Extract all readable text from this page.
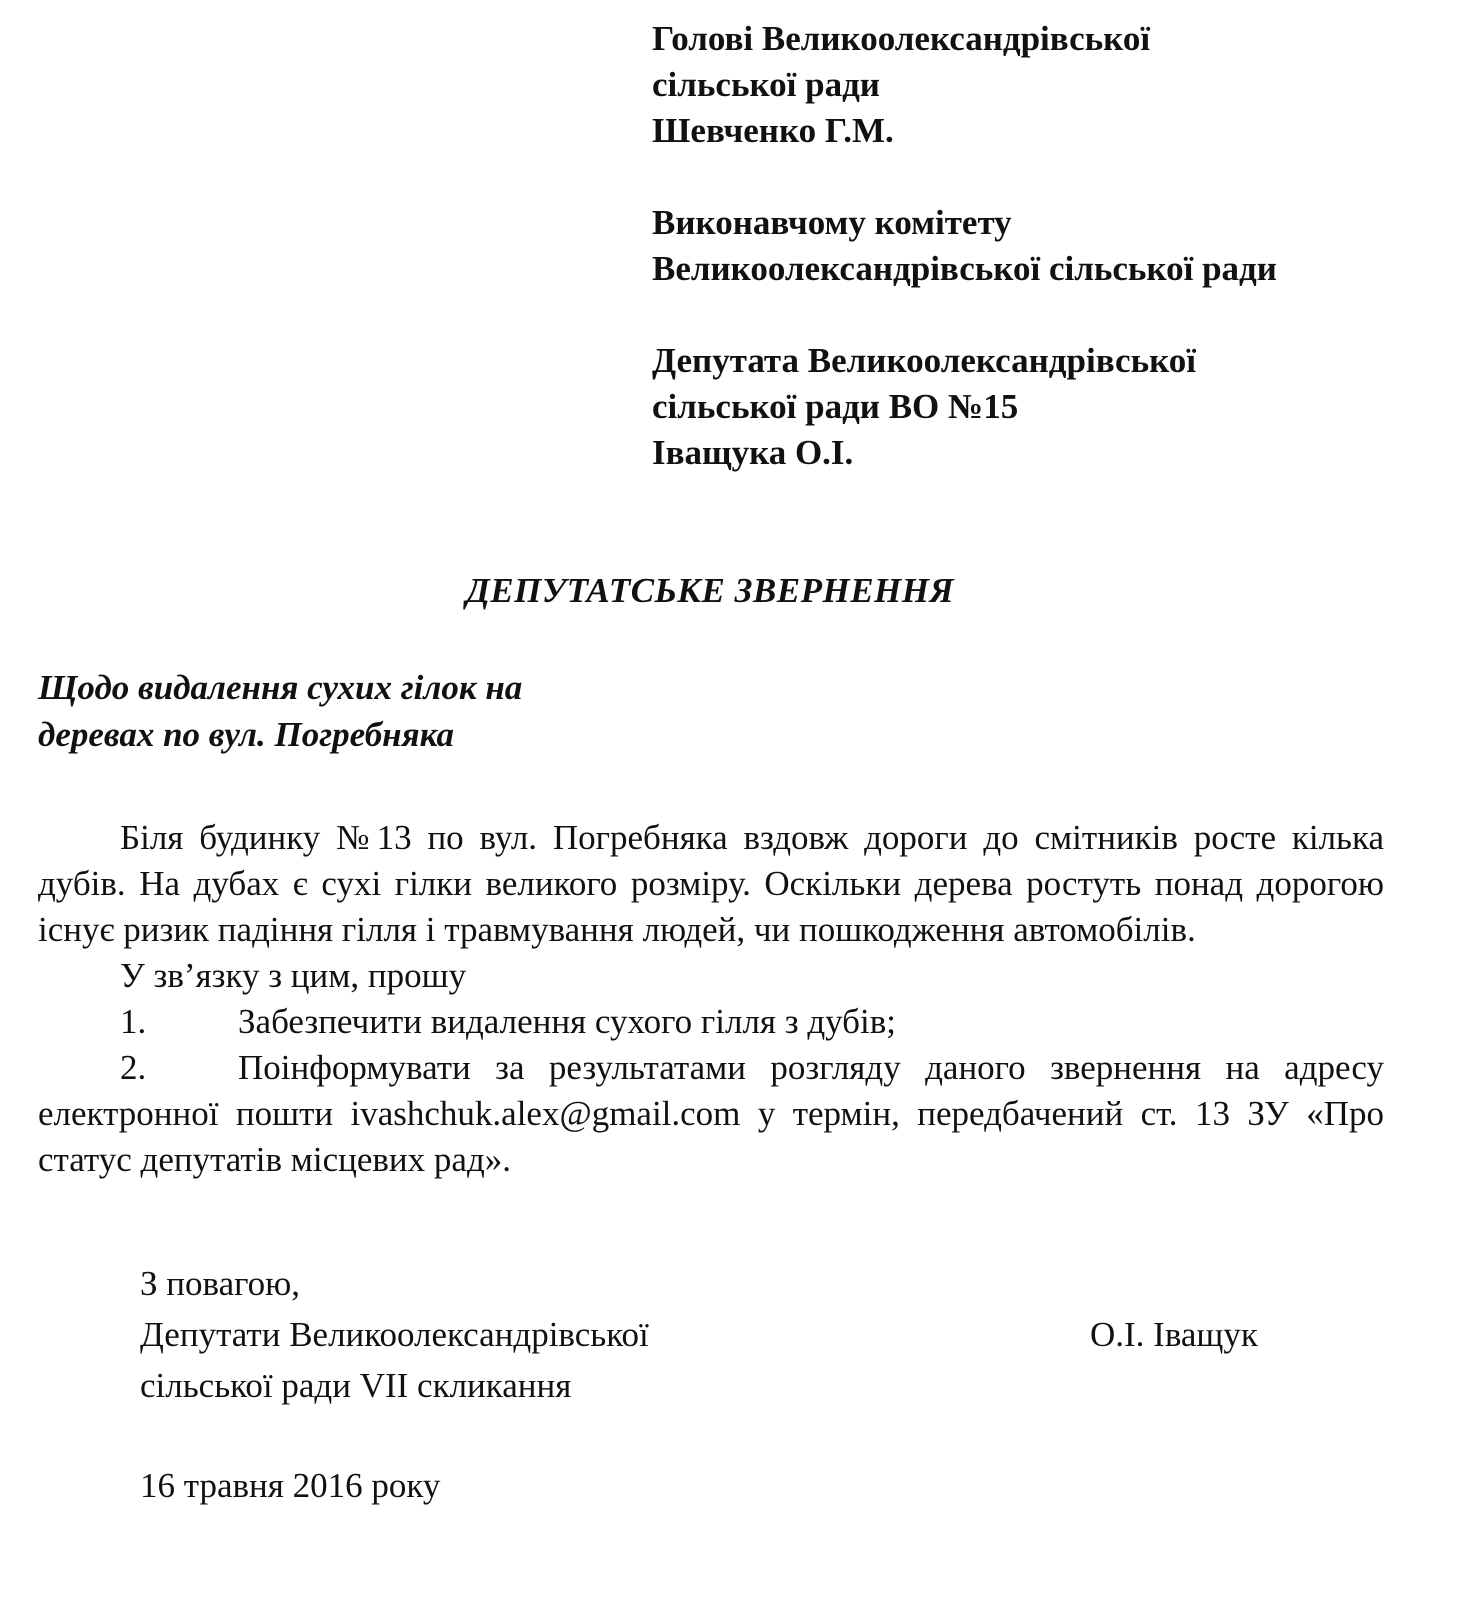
Голові Великоолександрівської
сільської ради
Шевченко Г.М.
Виконавчому комітету
Великоолександрівської сільської ради
Депутата Великоолександрівської
сільської ради ВО №15
Іващука О.І.
ДЕПУТАТСЬКЕ ЗВЕРНЕННЯ
Щодо видалення сухих гілок на
деревах по вул. Погребняка

Біля будинку №13 по вул. Погребняка вздовж дороги до смітників росте кілька дубів. На дубах є сухі гілки великого розміру. Оскільки дерева ростуть понад дорогою існує ризик падіння гілля і травмування людей, чи пошкодження автомобілів.

У зв’язку з цим, прошу

1.	Забезпечити видалення сухого гілля з дубів;

2.	Поінформувати за результатами розгляду даного звернення на адресу електронної пошти ivashchuk.alex@gmail.com у термін, передбачений ст. 13 ЗУ «Про статус депутатів місцевих рад».

З повагою,
Депутати Великоолександрівської
сільської ради VII скликання
О.І. Іващук
16 травня 2016 року
